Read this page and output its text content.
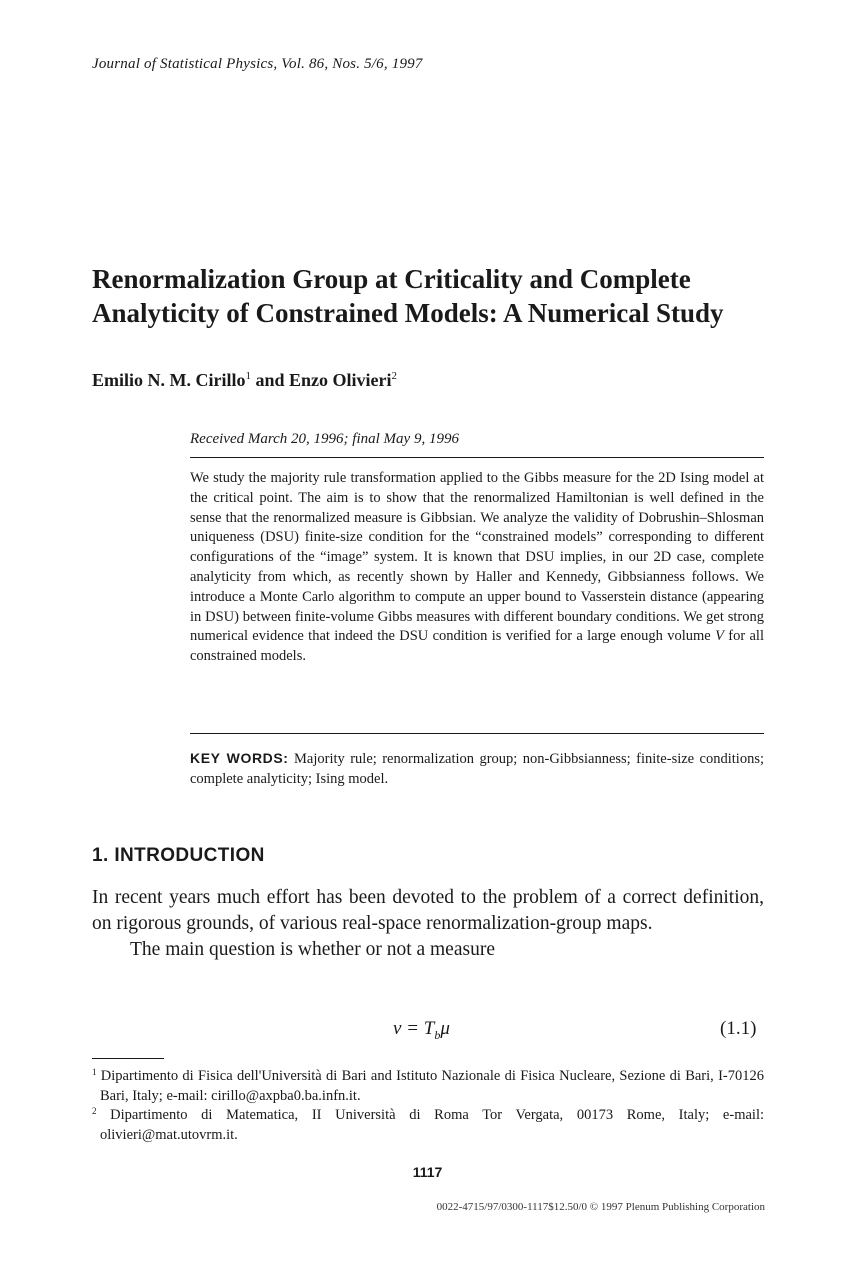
Journal of Statistical Physics, Vol. 86, Nos. 5/6, 1997
Renormalization Group at Criticality and Complete Analyticity of Constrained Models: A Numerical Study
Emilio N. M. Cirillo$^1$ and Enzo Olivieri$^2$
Received March 20, 1996; final May 9, 1996
We study the majority rule transformation applied to the Gibbs measure for the 2D Ising model at the critical point. The aim is to show that the renormalized Hamiltonian is well defined in the sense that the renormalized measure is Gibbsian. We analyze the validity of Dobrushin–Shlosman uniqueness (DSU) finite-size condition for the “constrained models” corresponding to different configurations of the “image” system. It is known that DSU implies, in our 2D case, complete analyticity from which, as recently shown by Haller and Kennedy, Gibbsianness follows. We introduce a Monte Carlo algorithm to compute an upper bound to Vasserstein distance (appearing in DSU) between finite-volume Gibbs measures with different boundary conditions. We get strong numerical evidence that indeed the DSU condition is verified for a large enough volume V for all constrained models.
KEY WORDS: Majority rule; renormalization group; non-Gibbsianness; finite-size conditions; complete analyticity; Ising model.
1. INTRODUCTION

In recent years much effort has been devoted to the problem of a correct definition, on rigorous grounds, of various real-space renormalization-group maps.

The main question is whether or not a measure

$\nu = T_b\mu$	(1.1)

$^1$ Dipartimento di Fisica dell'Università di Bari and Istituto Nazionale di Fisica Nucleare, Sezione di Bari, I-70126 Bari, Italy; e-mail: cirillo@axpba0.ba.infn.it.

$^2$ Dipartimento di Matematica, II Università di Roma Tor Vergata, 00173 Rome, Italy; e-mail: olivieri@mat.utovrm.it.

1117
0022-4715/97/0300-1117$12.50/0 © 1997 Plenum Publishing Corporation
